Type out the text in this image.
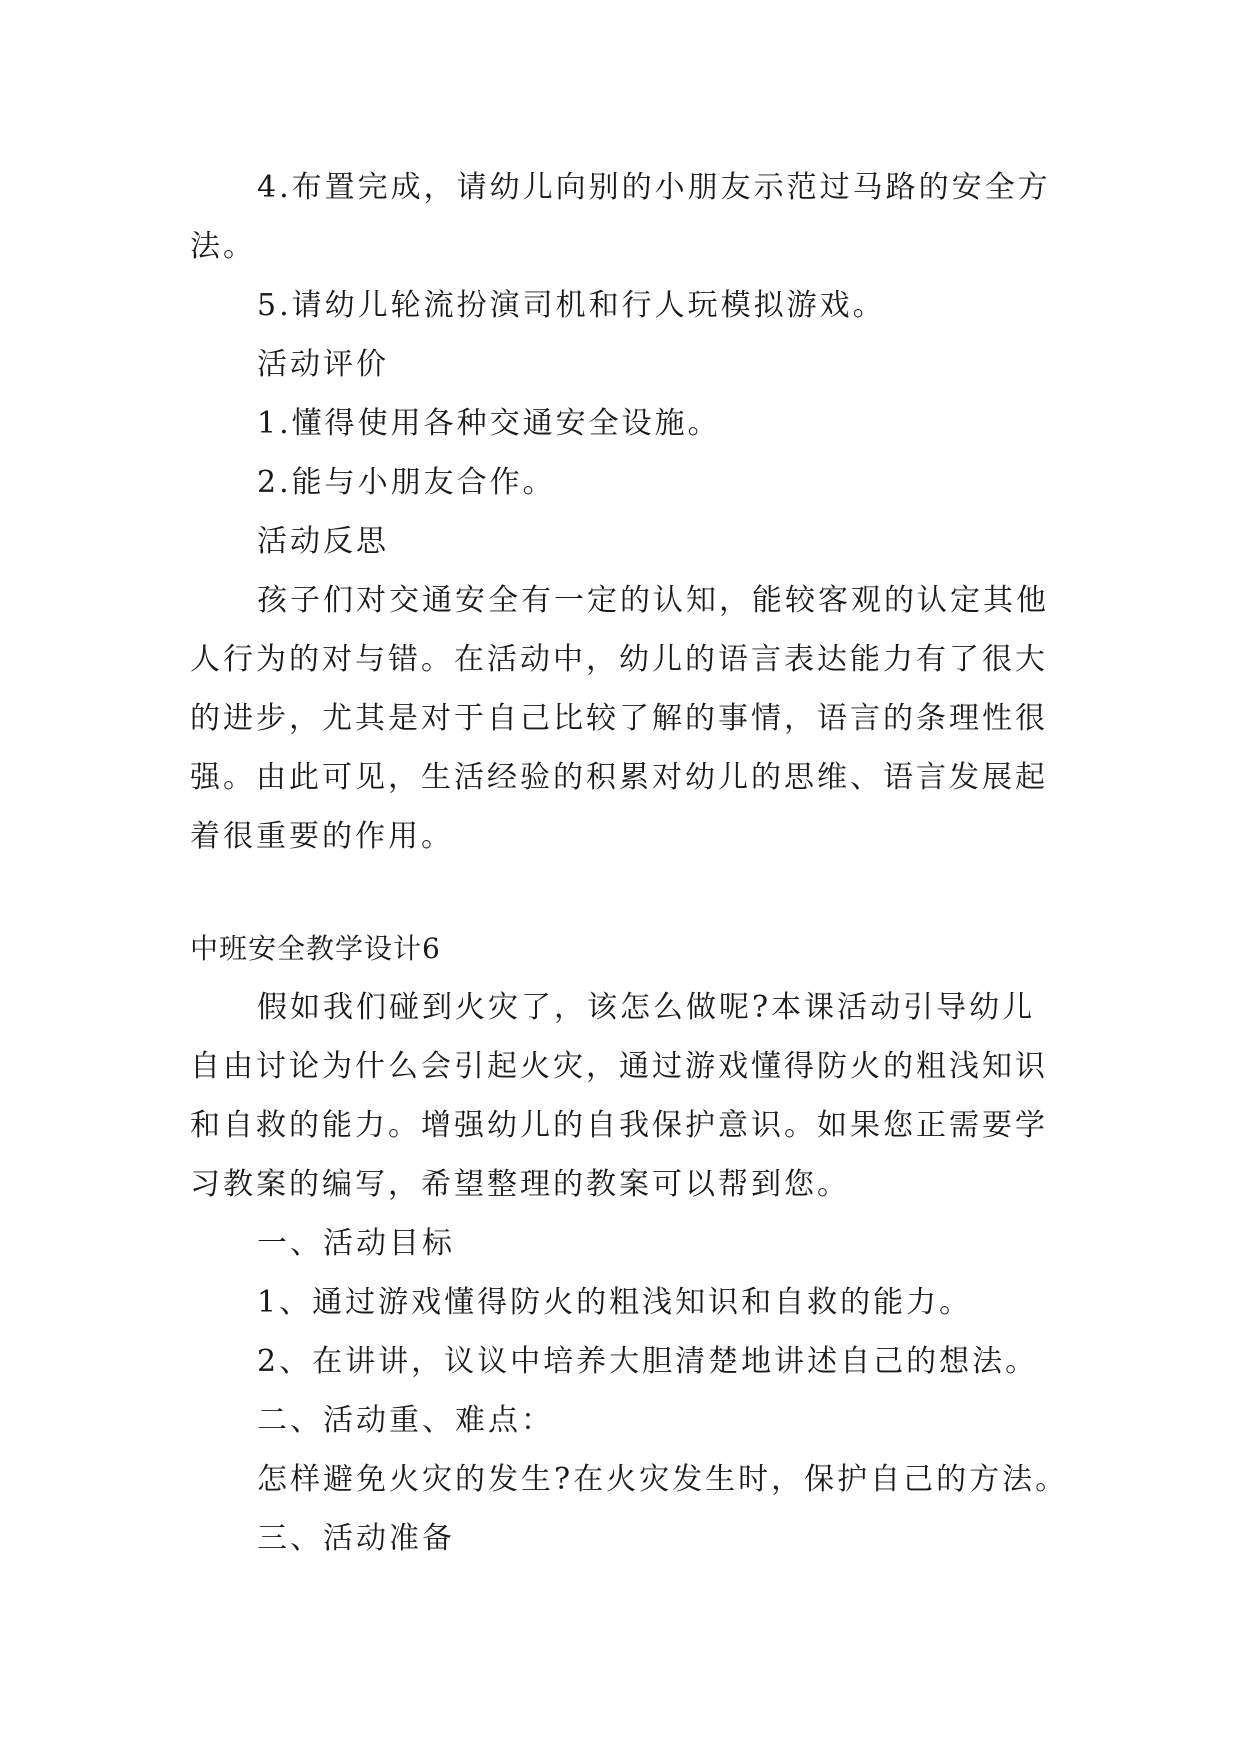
4.布置完成，请幼儿向别的小朋友示范过马路的安全方
法。
5.请幼儿轮流扮演司机和行人玩模拟游戏。
活动评价
1.懂得使用各种交通安全设施。
2.能与小朋友合作。
活动反思
孩子们对交通安全有一定的认知，能较客观的认定其他
人行为的对与错。在活动中，幼儿的语言表达能力有了很大
的进步，尤其是对于自己比较了解的事情，语言的条理性很
强。由此可见，生活经验的积累对幼儿的思维、语言发展起
着很重要的作用。
中班安全教学设计6
假如我们碰到火灾了，该怎么做呢?本课活动引导幼儿
自由讨论为什么会引起火灾，通过游戏懂得防火的粗浅知识
和自救的能力。增强幼儿的自我保护意识。如果您正需要学
习教案的编写，希望整理的教案可以帮到您。
一、活动目标
1、通过游戏懂得防火的粗浅知识和自救的能力。
2、在讲讲，议议中培养大胆清楚地讲述自己的想法。
二、活动重、难点：
怎样避免火灾的发生?在火灾发生时，保护自己的方法。
三、活动准备
